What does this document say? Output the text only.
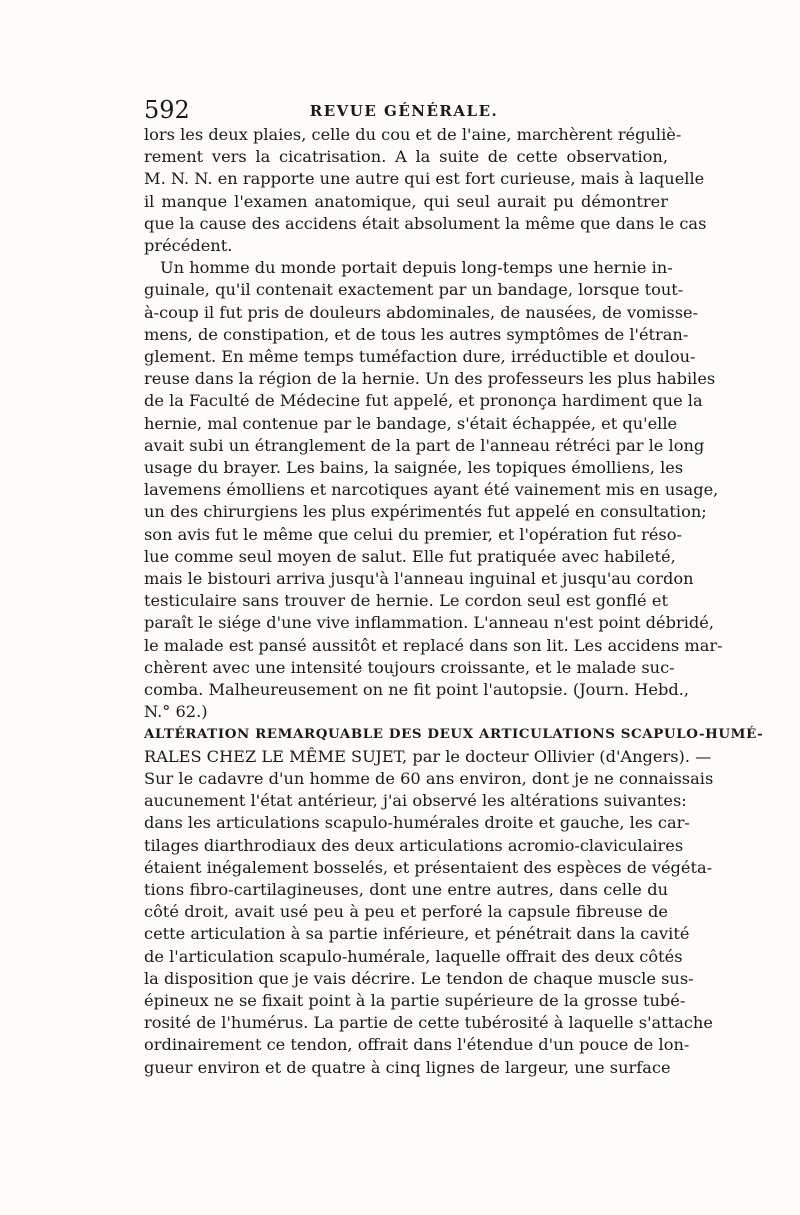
592	REVUE GÉNÉRALE.
lors les deux plaies, celle du cou et de l'aine, marchèrent réguliè-
rement vers la cicatrisation. A la suite de cette observation,
M. N. N. en rapporte une autre qui est fort curieuse, mais à laquelle
il manque l'examen anatomique, qui seul aurait pu démontrer
que la cause des accidens était absolument la même que dans le cas
précédent.
Un homme du monde portait depuis long-temps une hernie in-
guinale, qu'il contenait exactement par un bandage, lorsque tout-
à-coup il fut pris de douleurs abdominales, de nausées, de vomisse-
mens, de constipation, et de tous les autres symptômes de l'étran-
glement. En même temps tuméfaction dure, irréductible et doulou-
reuse dans la région de la hernie. Un des professeurs les plus habiles
de la Faculté de Médecine fut appelé, et prononça hardiment que la
hernie, mal contenue par le bandage, s'était échappée, et qu'elle
avait subi un étranglement de la part de l'anneau rétréci par le long
usage du brayer. Les bains, la saignée, les topiques émolliens, les
lavemens émolliens et narcotiques ayant été vainement mis en usage,
un des chirurgiens les plus expérimentés fut appelé en consultation;
son avis fut le même que celui du premier, et l'opération fut réso-
lue comme seul moyen de salut. Elle fut pratiquée avec habileté,
mais le bistouri arriva jusqu'à l'anneau inguinal et jusqu'au cordon
testiculaire sans trouver de hernie. Le cordon seul est gonflé et
paraît le siége d'une vive inflammation. L'anneau n'est point débridé,
le malade est pansé aussitôt et replacé dans son lit. Les accidens mar-
chèrent avec une intensité toujours croissante, et le malade suc-
comba. Malheureusement on ne fit point l'autopsie. (Journ. Hebd.,
N.° 62.)
ALTÉRATION REMARQUABLE DES DEUX ARTICULATIONS SCAPULO-HUMÉ-
RALES CHEZ LE MÊME SUJET, par le docteur Ollivier (d'Angers). —
Sur le cadavre d'un homme de 60 ans environ, dont je ne connaissais
aucunement l'état antérieur, j'ai observé les altérations suivantes:
dans les articulations scapulo-humérales droite et gauche, les car-
tilages diarthrodiaux des deux articulations acromio-claviculaires
étaient inégalement bosselés, et présentaient des espèces de végéta-
tions fibro-cartilagineuses, dont une entre autres, dans celle du
côté droit, avait usé peu à peu et perforé la capsule fibreuse de
cette articulation à sa partie inférieure, et pénétrait dans la cavité
de l'articulation scapulo-humérale, laquelle offrait des deux côtés
la disposition que je vais décrire. Le tendon de chaque muscle sus-
épineux ne se fixait point à la partie supérieure de la grosse tubé-
rosité de l'humérus. La partie de cette tubérosité à laquelle s'attache
ordinairement ce tendon, offrait dans l'étendue d'un pouce de lon-
gueur environ et de quatre à cinq lignes de largeur, une surface
